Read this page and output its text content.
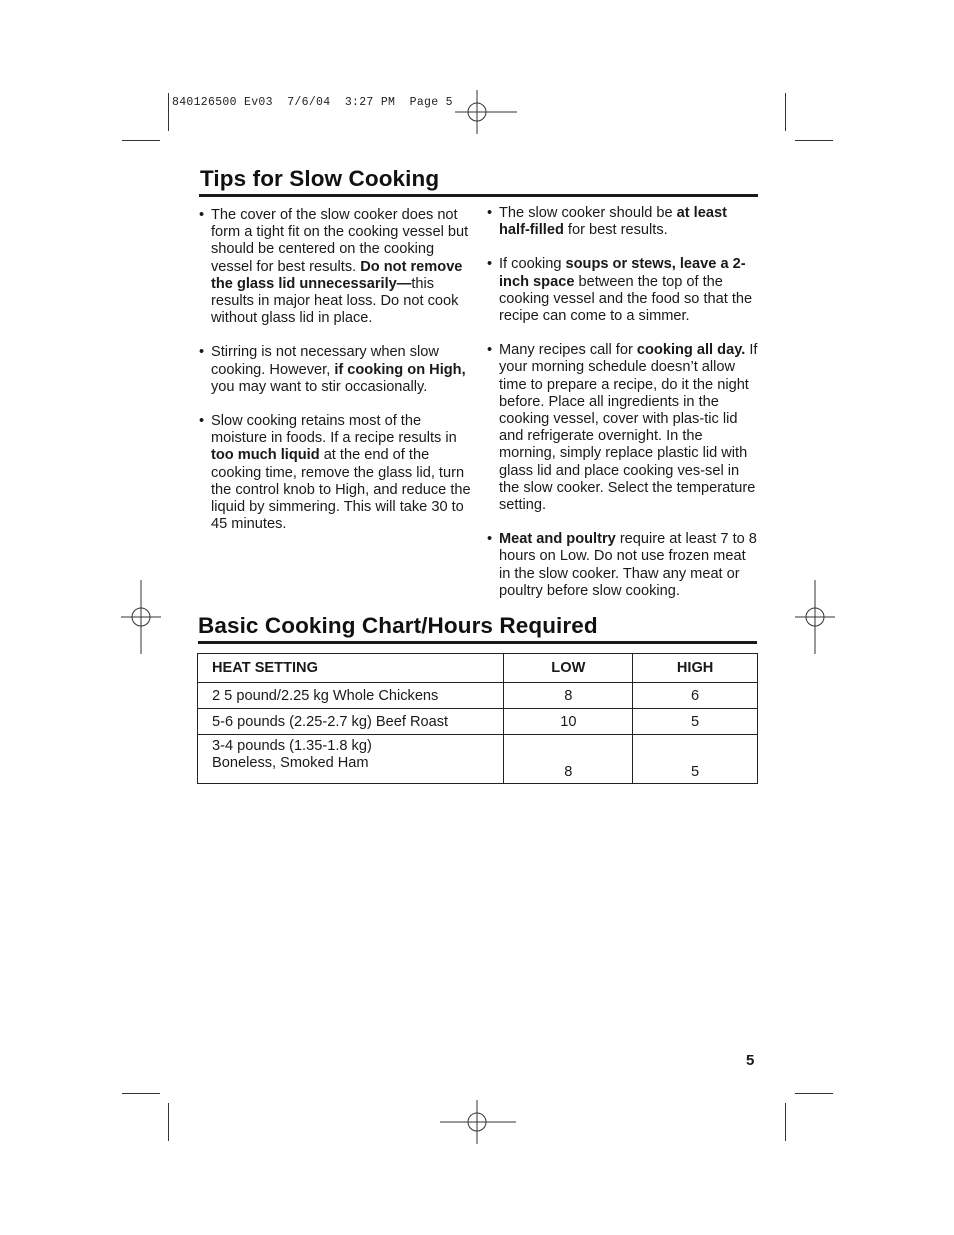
840126500 Ev03  7/6/04  3:27 PM  Page 5
Tips for Slow Cooking
• The cover of the slow cooker does not form a tight fit on the cooking vessel but should be centered on the cooking vessel for best results. Do not remove the glass lid unnecessarily—this results in major heat loss. Do not cook without glass lid in place.
• Stirring is not necessary when slow cooking. However, if cooking on High, you may want to stir occasionally.
• Slow cooking retains most of the moisture in foods. If a recipe results in too much liquid at the end of the cooking time, remove the glass lid, turn the control knob to High, and reduce the liquid by simmering. This will take 30 to 45 minutes.
• The slow cooker should be at least half-filled for best results.
• If cooking soups or stews, leave a 2-inch space between the top of the cooking vessel and the food so that the recipe can come to a simmer.
• Many recipes call for cooking all day. If your morning schedule doesn’t allow time to prepare a recipe, do it the night before. Place all ingredients in the cooking vessel, cover with plas-tic lid and refrigerate overnight. In the morning, simply replace plastic lid with glass lid and place cooking ves-sel in the slow cooker. Select the temperature setting.
• Meat and poultry require at least 7 to 8 hours on Low. Do not use frozen meat in the slow cooker. Thaw any meat or poultry before slow cooking.
Basic Cooking Chart/Hours Required
HEAT SETTING	LOW	HIGH
2 5 pound/2.25 kg Whole Chickens	8	6
5-6 pounds (2.25-2.7 kg) Beef Roast	10	5
3-4 pounds (1.35-1.8 kg)
Boneless, Smoked Ham	8	5
5
